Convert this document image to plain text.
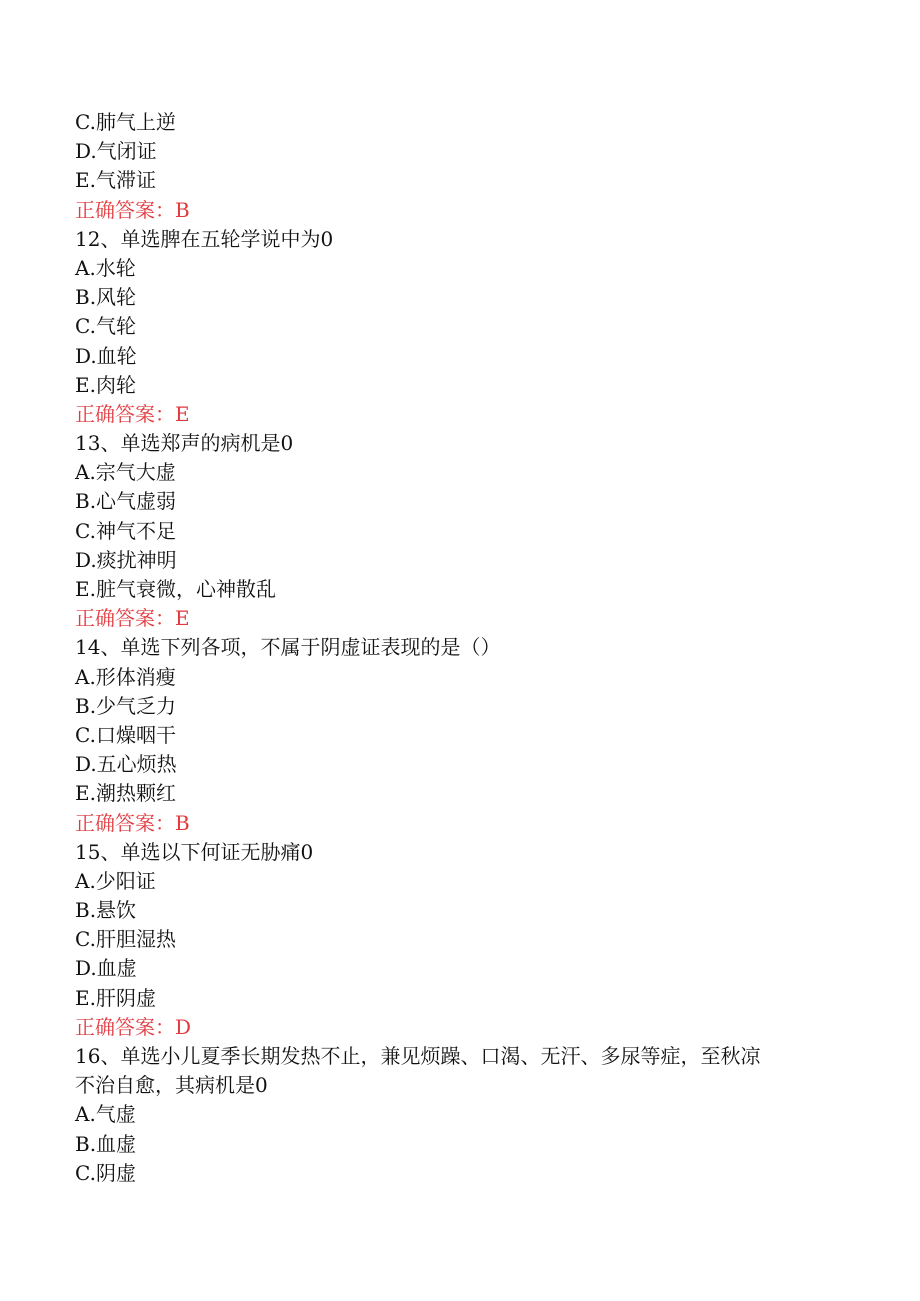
C.肺气上逆
D.气闭证
E.气滞证
正确答案：B
12、单选脾在五轮学说中为0
A.水轮
B.风轮
C.气轮
D.血轮
E.肉轮
正确答案：E
13、单选郑声的病机是0
A.宗气大虚
B.心气虚弱
C.神气不足
D.痰扰神明
E.脏气衰微，心神散乱
正确答案：E
14、单选下列各项，不属于阴虚证表现的是（）
A.形体消瘦
B.少气乏力
C.口燥咽干
D.五心烦热
E.潮热颗红
正确答案：B
15、单选以下何证无胁痛0
A.少阳证
B.悬饮
C.肝胆湿热
D.血虚
E.肝阴虚
正确答案：D
16、单选小儿夏季长期发热不止，兼见烦躁、口渴、无汗、多尿等症，至秋凉
不治自愈，其病机是0
A.气虚
B.血虚
C.阴虚
